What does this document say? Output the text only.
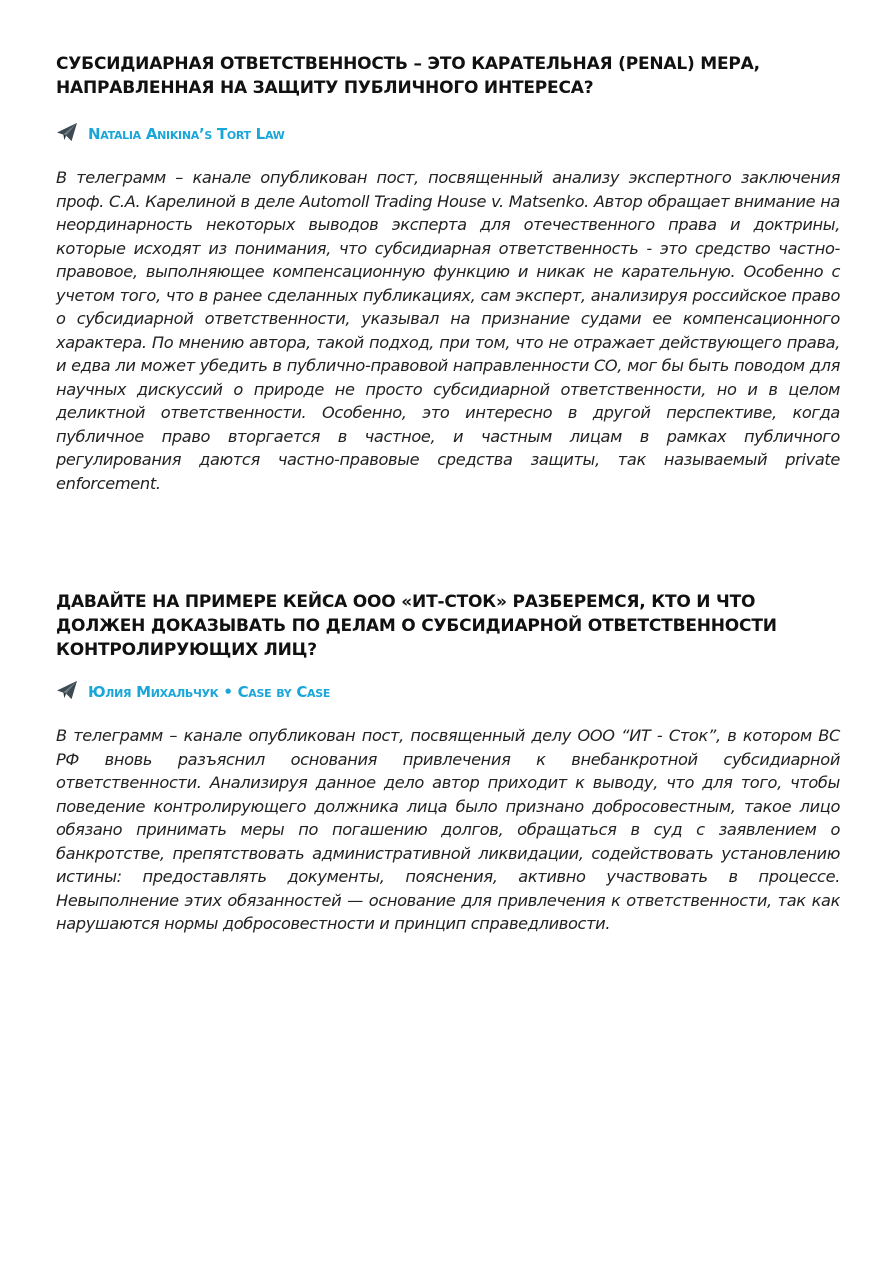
СУБСИДИАРНАЯ ОТВЕТСТВЕННОСТЬ – ЭТО КАРАТЕЛЬНАЯ (PENAL) МЕРА, НАПРАВЛЕННАЯ НА ЗАЩИТУ ПУБЛИЧНОГО ИНТЕРЕСА?
Natalia Anikina’s Tort Law

В телеграмм – канале опубликован пост, посвященный анализу экспертного заключения проф. С.А. Карелиной в деле Automoll Trading House v. Matsenko. Автор обращает внимание на неординарность некоторых выводов эксперта для отечественного права и доктрины, которые исходят из понимания, что субсидиарная ответственность - это средство частно-правовое, выполняющее компенсационную функцию и никак не карательную. Особенно с учетом того, что в ранее сделанных публикациях, сам эксперт, анализируя российское право о субсидиарной ответственности, указывал на признание судами ее компенсационного характера. По мнению автора, такой подход, при том, что не отражает действующего права, и едва ли может убедить в публично-правовой направленности СО, мог бы быть поводом для научных дискуссий о природе не просто субсидиарной ответственности, но и в целом деликтной ответственности. Особенно, это интересно в другой перспективе, когда публичное право вторгается в частное, и частным лицам в рамках публичного регулирования даются частно-правовые средства защиты, так называемый private enforcement.

ДАВАЙТЕ НА ПРИМЕРЕ КЕЙСА ООО «ИТ-СТОК» РАЗБЕРЕМСЯ, КТО И ЧТО ДОЛЖЕН ДОКАЗЫВАТЬ ПО ДЕЛАМ О СУБСИДИАРНОЙ ОТВЕТСТВЕННОСТИ КОНТРОЛИРУЮЩИХ ЛИЦ?
Юлия Михальчук • Case by Case

В телеграмм – канале опубликован пост, посвященный делу ООО “ИТ - Сток”, в котором ВС РФ вновь разъяснил основания привлечения к внебанкротной субсидиарной ответственности. Анализируя данное дело автор приходит к выводу, что для того, чтобы поведение контролирующего должника лица было признано добросовестным, такое лицо обязано принимать меры по погашению долгов, обращаться в суд с заявлением о банкротстве, препятствовать административной ликвидации, содействовать установлению истины: предоставлять документы, пояснения, активно участвовать в процессе. Невыполнение этих обязанностей — основание для привлечения к ответственности, так как нарушаются нормы добросовестности и принцип справедливости.
